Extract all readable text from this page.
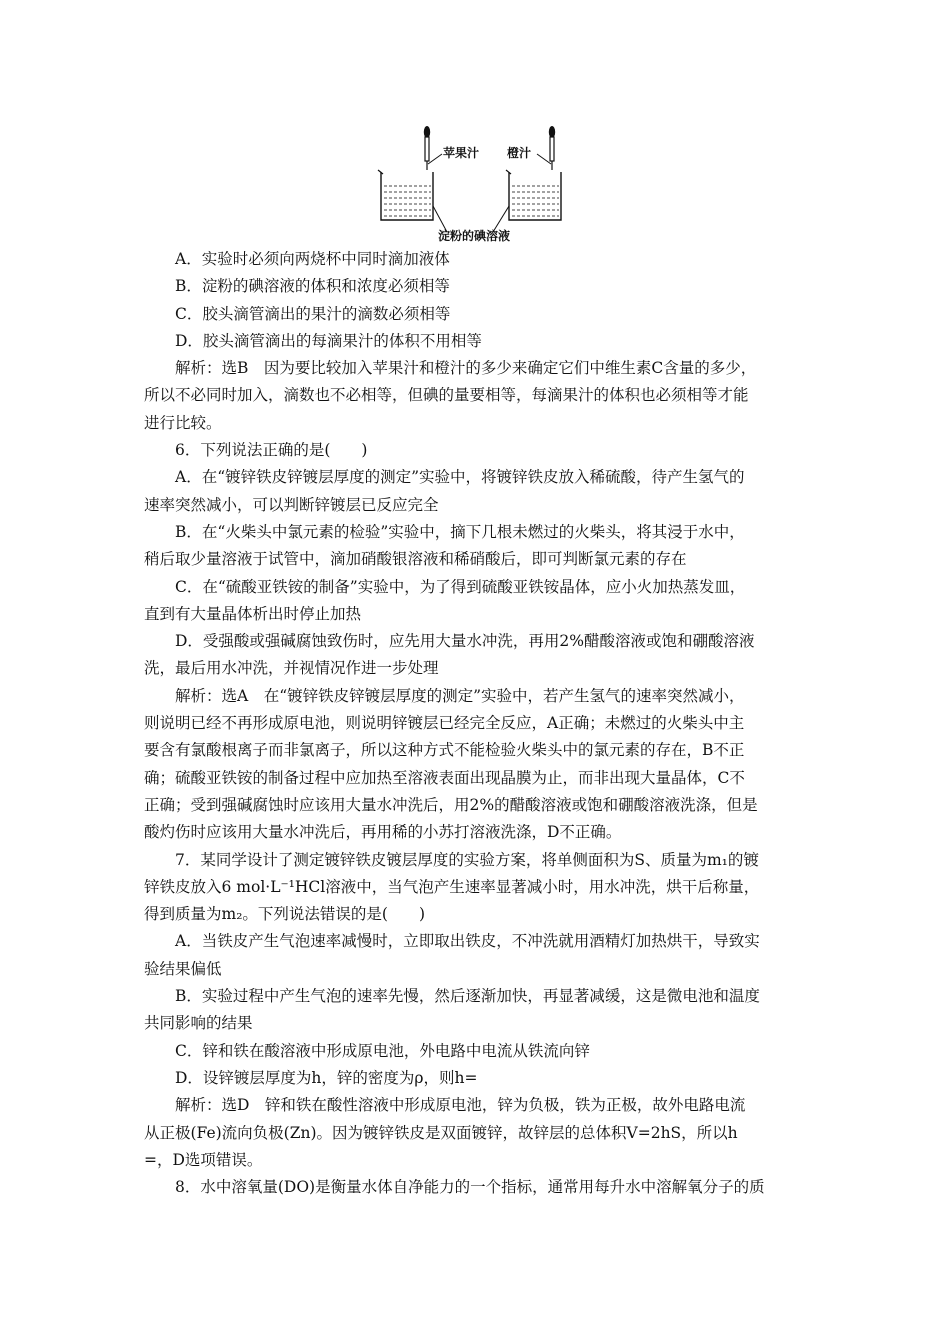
苹果汁 橙汁
淀粉的碘溶液
A．实验时必须向两烧杯中同时滴加液体
B．淀粉的碘溶液的体积和浓度必须相等
C．胶头滴管滴出的果汁的滴数必须相等
D．胶头滴管滴出的每滴果汁的体积不用相等
解析：选B　因为要比较加入苹果汁和橙汁的多少来确定它们中维生素C含量的多少，
所以不必同时加入，滴数也不必相等，但碘的量要相等，每滴果汁的体积也必须相等才能
进行比较。
6．下列说法正确的是(　　)
A．在“镀锌铁皮锌镀层厚度的测定”实验中，将镀锌铁皮放入稀硫酸，待产生氢气的
速率突然减小，可以判断锌镀层已反应完全
B．在“火柴头中氯元素的检验”实验中，摘下几根未燃过的火柴头，将其浸于水中，
稍后取少量溶液于试管中，滴加硝酸银溶液和稀硝酸后，即可判断氯元素的存在
C．在“硫酸亚铁铵的制备”实验中，为了得到硫酸亚铁铵晶体，应小火加热蒸发皿，
直到有大量晶体析出时停止加热
D．受强酸或强碱腐蚀致伤时，应先用大量水冲洗，再用2%醋酸溶液或饱和硼酸溶液
洗，最后用水冲洗，并视情况作进一步处理
解析：选A　在“镀锌铁皮锌镀层厚度的测定”实验中，若产生氢气的速率突然减小，
则说明已经不再形成原电池，则说明锌镀层已经完全反应，A正确；未燃过的火柴头中主
要含有氯酸根离子而非氯离子，所以这种方式不能检验火柴头中的氯元素的存在，B不正
确；硫酸亚铁铵的制备过程中应加热至溶液表面出现晶膜为止，而非出现大量晶体，C不
正确；受到强碱腐蚀时应该用大量水冲洗后，用2%的醋酸溶液或饱和硼酸溶液洗涤，但是
酸灼伤时应该用大量水冲洗后，再用稀的小苏打溶液洗涤，D不正确。
7．某同学设计了测定镀锌铁皮镀层厚度的实验方案，将单侧面积为S、质量为m₁的镀
锌铁皮放入6 mol·L⁻¹HCl溶液中，当气泡产生速率显著减小时，用水冲洗，烘干后称量，
得到质量为m₂。下列说法错误的是(　　)
A．当铁皮产生气泡速率减慢时，立即取出铁皮，不冲洗就用酒精灯加热烘干，导致实
验结果偏低
B．实验过程中产生气泡的速率先慢，然后逐渐加快，再显著减缓，这是微电池和温度
共同影响的结果
C．锌和铁在酸溶液中形成原电池，外电路中电流从铁流向锌
D．设锌镀层厚度为h，锌的密度为ρ，则h=
解析：选D　锌和铁在酸性溶液中形成原电池，锌为负极，铁为正极，故外电路电流
从正极(Fe)流向负极(Zn)。因为镀锌铁皮是双面镀锌，故锌层的总体积V=2hS，所以h
=，D选项错误。
8．水中溶氧量(DO)是衡量水体自净能力的一个指标，通常用每升水中溶解氧分子的质
